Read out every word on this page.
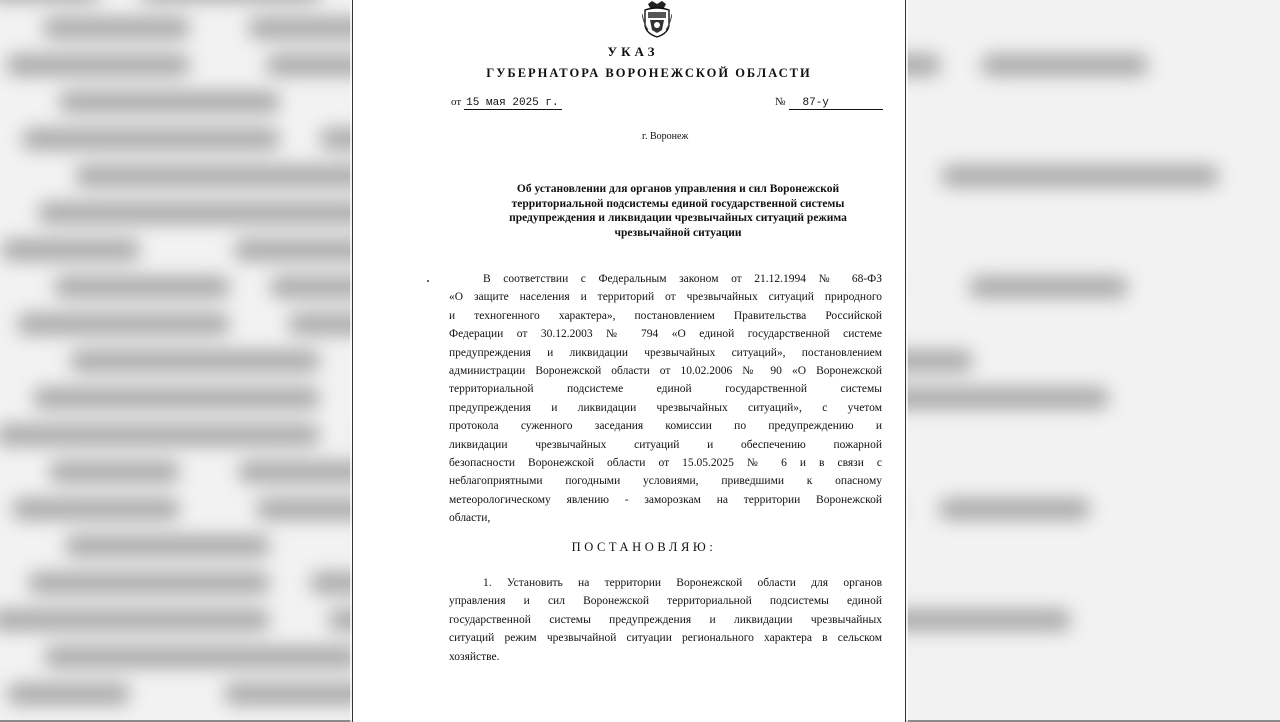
УКАЗ
ГУБЕРНАТОРА ВОРОНЕЖСКОЙ ОБЛАСТИ
от 15 мая 2025 г.	№ 87-у
г. Воронеж
Об установлении для органов управления и сил Воронежской
территориальной подсистемы единой государственной системы
предупреждения и ликвидации чрезвычайных ситуаций режима
чрезвычайной ситуации
В соответствии с Федеральным законом от 21.12.1994 № 68-ФЗ
«О защите населения и территорий от чрезвычайных ситуаций природного
и техногенного характера», постановлением Правительства Российской
Федерации от 30.12.2003 № 794 «О единой государственной системе
предупреждения и ликвидации чрезвычайных ситуаций», постановлением
администрации Воронежской области от 10.02.2006 № 90 «О Воронежской
территориальной подсистеме единой государственной системы
предупреждения и ликвидации чрезвычайных ситуаций», с учетом
протокола суженного заседания комиссии по предупреждению и
ликвидации чрезвычайных ситуаций и обеспечению пожарной
безопасности Воронежской области от 15.05.2025 № 6 и в связи с
неблагоприятными погодными условиями, приведшими к опасному
метеорологическому явлению - заморозкам на территории Воронежской
области,
ПОСТАНОВЛЯЮ:
1. Установить на территории Воронежской области для органов
управления и сил Воронежской территориальной подсистемы единой
государственной системы предупреждения и ликвидации чрезвычайных
ситуаций режим чрезвычайной ситуации регионального характера в сельском
хозяйстве.
